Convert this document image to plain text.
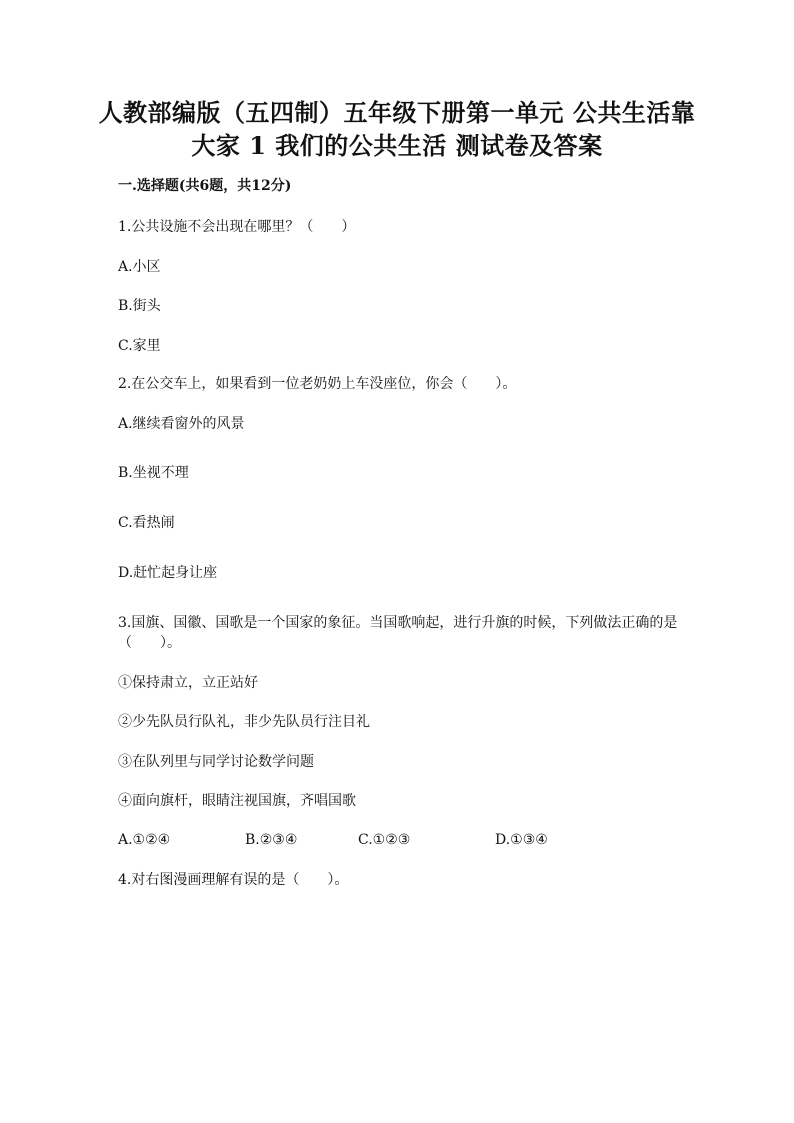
人教部编版（五四制）五年级下册第一单元 公共生活靠大家 1 我们的公共生活 测试卷及答案
一.选择题(共6题，共12分)
1.公共设施不会出现在哪里？（　　）
A.小区
B.街头
C.家里
2.在公交车上，如果看到一位老奶奶上车没座位，你会（　　）。
A.继续看窗外的风景
B.坐视不理
C.看热闹
D.赶忙起身让座
3.国旗、国徽、国歌是一个国家的象征。当国歌响起，进行升旗的时候，下列做法正确的是（　　）。
①保持肃立，立正站好
②少先队员行队礼，非少先队员行注目礼
③在队列里与同学讨论数学问题
④面向旗杆，眼睛注视国旗，齐唱国歌
A.①②④	B.②③④	C.①②③	D.①③④
4.对右图漫画理解有误的是（　　）。
